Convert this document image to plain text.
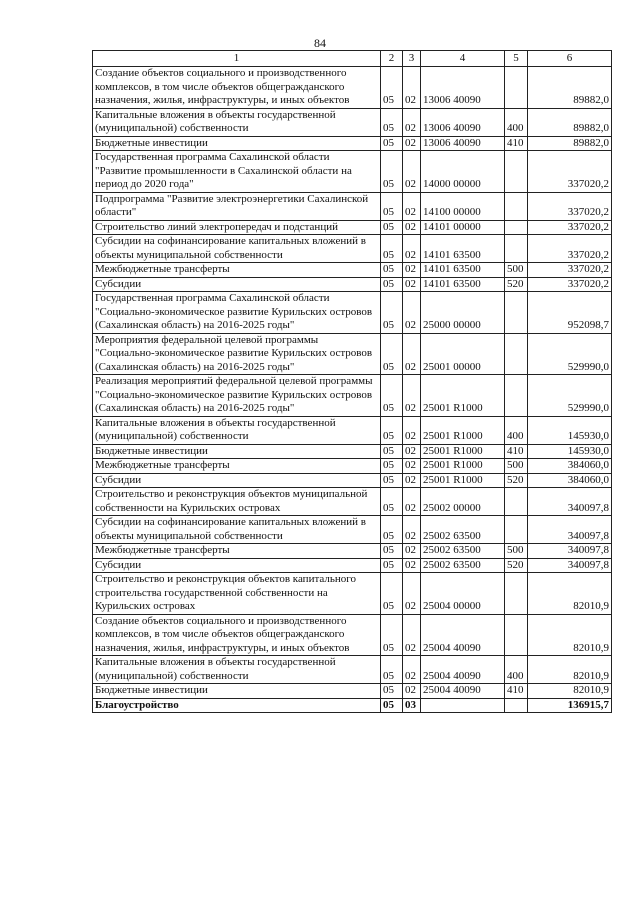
84
1	2	3	4	5	6
Создание объектов социального и производственного комплексов, в том числе объектов общегражданского назначения, жилья, инфраструктуры, и иных объектов	05	02	13006 40090		89882,0
Капитальные вложения в объекты государственной (муниципальной) собственности	05	02	13006 40090	400	89882,0
Бюджетные инвестиции	05	02	13006 40090	410	89882,0
Государственная программа Сахалинской области "Развитие промышленности в Сахалинской области на период до 2020 года"	05	02	14000 00000		337020,2
Подпрограмма "Развитие электроэнергетики Сахалинской области"	05	02	14100 00000		337020,2
Строительство линий электропередач и подстанций	05	02	14101 00000		337020,2
Субсидии на софинансирование капитальных вложений в объекты муниципальной собственности	05	02	14101 63500		337020,2
Межбюджетные трансферты	05	02	14101 63500	500	337020,2
Субсидии	05	02	14101 63500	520	337020,2
Государственная программа Сахалинской области "Социально-экономическое развитие Курильских островов (Сахалинская область) на 2016-2025 годы"	05	02	25000 00000		952098,7
Мероприятия федеральной целевой программы "Социально-экономическое развитие Курильских островов (Сахалинская область) на 2016-2025 годы"	05	02	25001 00000		529990,0
Реализация мероприятий федеральной целевой программы "Социально-экономическое развитие Курильских островов (Сахалинская область) на 2016-2025 годы"	05	02	25001 R1000		529990,0
Капитальные вложения в объекты государственной (муниципальной) собственности	05	02	25001 R1000	400	145930,0
Бюджетные инвестиции	05	02	25001 R1000	410	145930,0
Межбюджетные трансферты	05	02	25001 R1000	500	384060,0
Субсидии	05	02	25001 R1000	520	384060,0
Строительство и реконструкция объектов муниципальной собственности на Курильских островах	05	02	25002 00000		340097,8
Субсидии на софинансирование капитальных вложений в объекты муниципальной собственности	05	02	25002 63500		340097,8
Межбюджетные трансферты	05	02	25002 63500	500	340097,8
Субсидии	05	02	25002 63500	520	340097,8
Строительство и реконструкция объектов капитального строительства государственной собственности на Курильских островах	05	02	25004 00000		82010,9
Создание объектов социального и производственного комплексов, в том числе объектов общегражданского назначения, жилья, инфраструктуры, и иных объектов	05	02	25004 40090		82010,9
Капитальные вложения в объекты государственной (муниципальной) собственности	05	02	25004 40090	400	82010,9
Бюджетные инвестиции	05	02	25004 40090	410	82010,9
Благоустройство	05	03			136915,7
